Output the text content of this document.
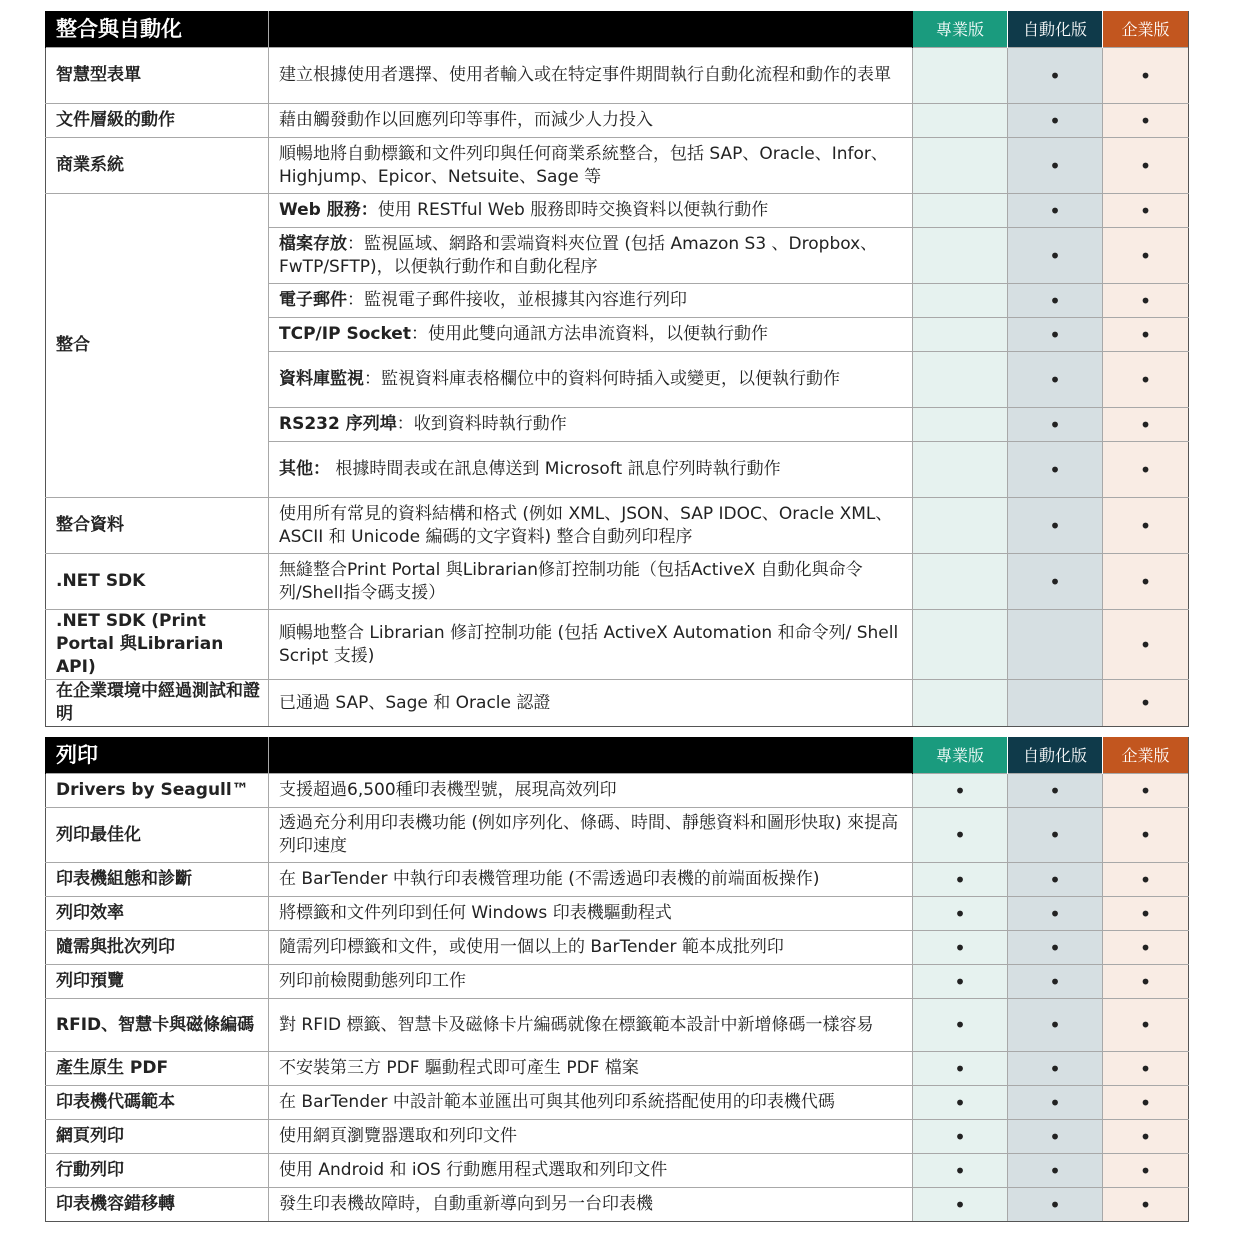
整合與自動化		專業版	自動化版	企業版
智慧型表單	建立根據使用者選擇、使用者輸入或在特定事件期間執行自動化流程和動作的表單		•	•
文件層級的動作	藉由觸發動作以回應列印等事件，而減少人力投入		•	•
商業系統	順暢地將自動標籤和文件列印與任何商業系統整合，包括 SAP、Oracle、Infor、Highjump、Epicor、Netsuite、Sage 等		•	•
整合	Web 服務：使用 RESTful Web 服務即時交換資料以便執行動作		•	•
	檔案存放：監視區域、網路和雲端資料夾位置 (包括 Amazon S3 、Dropbox、FwTP/SFTP)，以便執行動作和自動化程序		•	•
	電子郵件：監視電子郵件接收，並根據其內容進行列印		•	•
	TCP/IP Socket：使用此雙向通訊方法串流資料，以便執行動作		•	•
	資料庫監視：監視資料庫表格欄位中的資料何時插入或變更，以便執行動作		•	•
	RS232 序列埠：收到資料時執行動作		•	•
	其他： 根據時間表或在訊息傳送到 Microsoft 訊息佇列時執行動作		•	•
整合資料	使用所有常見的資料結構和格式 (例如 XML、JSON、SAP IDOC、Oracle XML、ASCII 和 Unicode 編碼的文字資料) 整合自動列印程序		•	•
.NET SDK	無縫整合Print Portal 與Librarian修訂控制功能（包括ActiveX 自動化與命令列/Shell指令碼支援）		•	•
.NET SDK (Print Portal 與Librarian API)	順暢地整合 Librarian 修訂控制功能 (包括 ActiveX Automation 和命令列/ Shell Script 支援)			•
在企業環境中經過測試和證明	已通過 SAP、Sage 和 Oracle 認證			•
列印		專業版	自動化版	企業版
Drivers by Seagull™	支援超過6,500種印表機型號，展現高效列印	•	•	•
列印最佳化	透過充分利用印表機功能 (例如序列化、條碼、時間、靜態資料和圖形快取) 來提高列印速度	•	•	•
印表機組態和診斷	在 BarTender 中執行印表機管理功能 (不需透過印表機的前端面板操作)	•	•	•
列印效率	將標籤和文件列印到任何 Windows 印表機驅動程式	•	•	•
隨需與批次列印	隨需列印標籤和文件，或使用一個以上的 BarTender 範本成批列印	•	•	•
列印預覽	列印前檢閱動態列印工作	•	•	•
RFID、智慧卡與磁條編碼	對 RFID 標籤、智慧卡及磁條卡片編碼就像在標籤範本設計中新增條碼一樣容易	•	•	•
產生原生 PDF	不安裝第三方 PDF 驅動程式即可產生 PDF 檔案	•	•	•
印表機代碼範本	在 BarTender 中設計範本並匯出可與其他列印系統搭配使用的印表機代碼	•	•	•
網頁列印	使用網頁瀏覽器選取和列印文件	•	•	•
行動列印	使用 Android 和 iOS 行動應用程式選取和列印文件	•	•	•
印表機容錯移轉	發生印表機故障時，自動重新導向到另一台印表機	•	•	•
